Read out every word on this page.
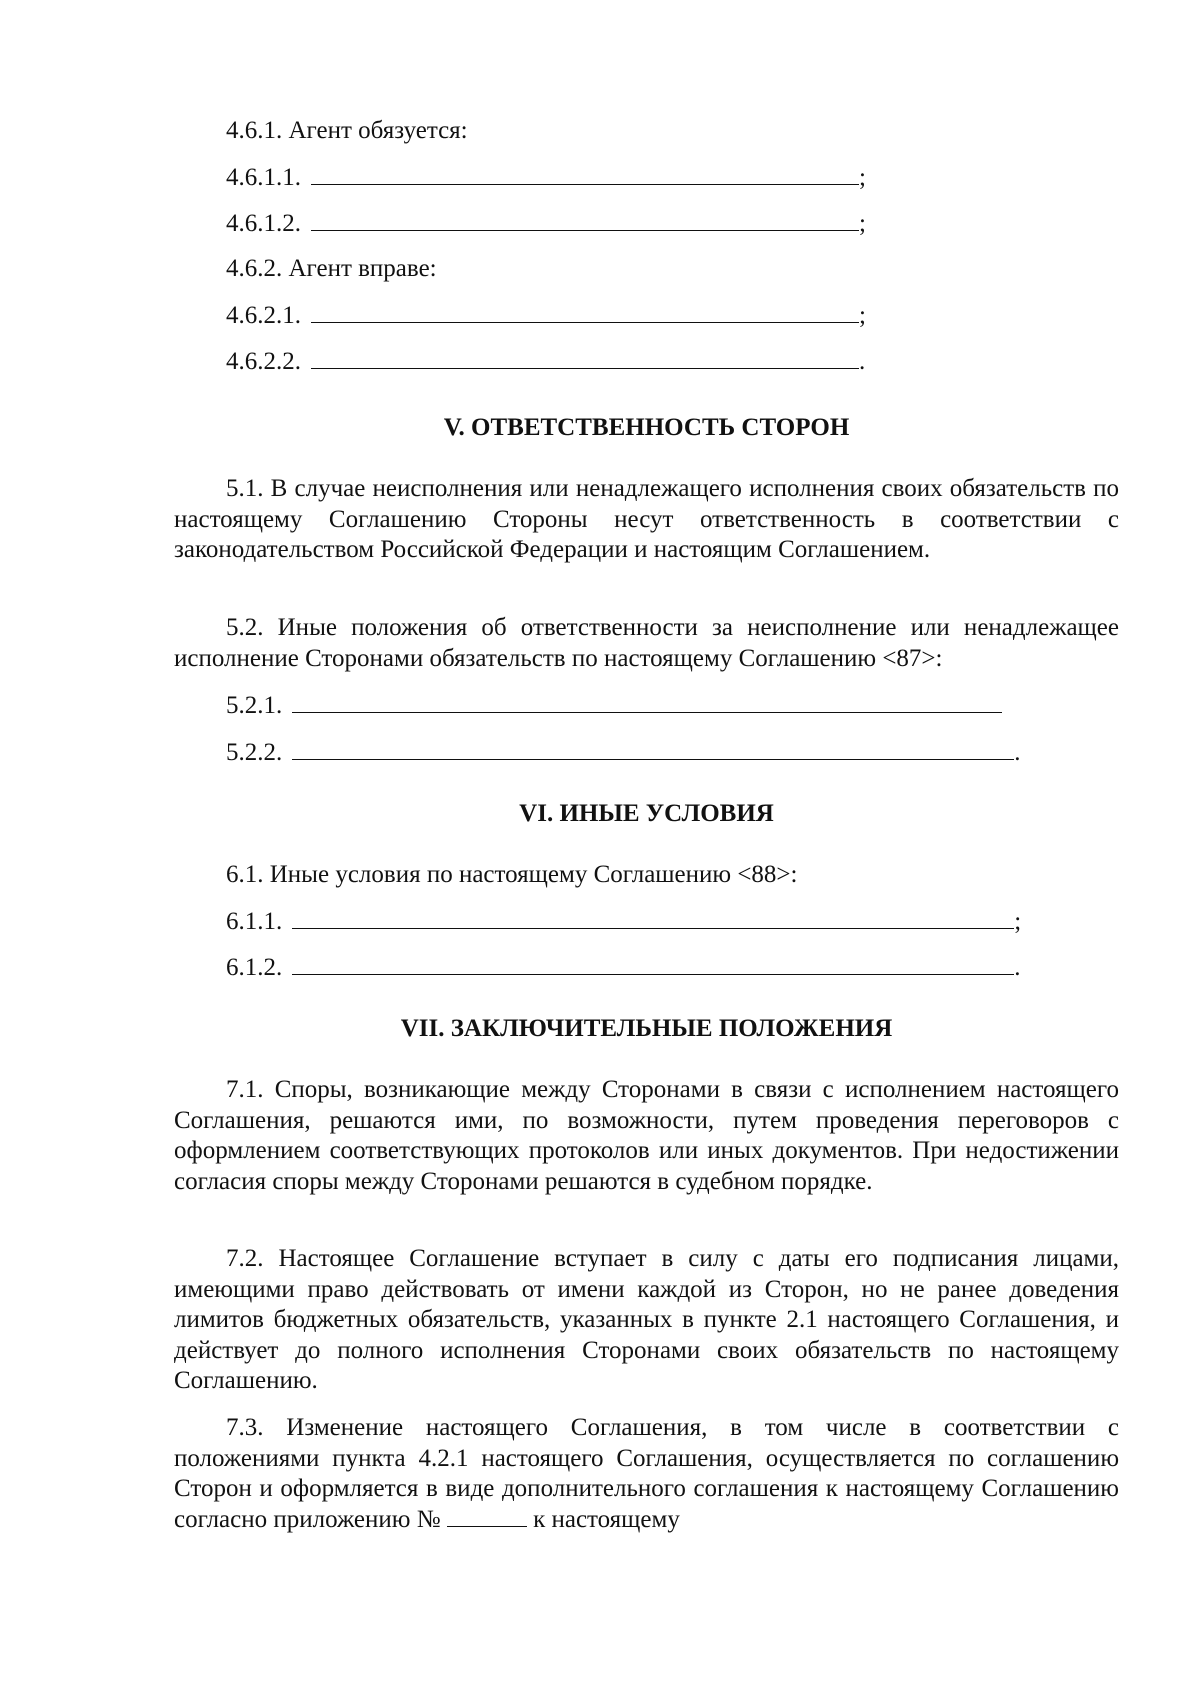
4.6.1. Агент обязуется:
4.6.1.1.	;
4.6.1.2.	;
4.6.2. Агент вправе:
4.6.2.1.	;
4.6.2.2.	.
V. ОТВЕТСТВЕННОСТЬ СТОРОН
5.1. В случае неисполнения или ненадлежащего исполнения своих обязательств по настоящему Соглашению Стороны несут ответственность в соответствии с законодательством Российской Федерации и настоящим Соглашением.
5.2. Иные положения об ответственности за неисполнение или ненадлежащее исполнение Сторонами обязательств по настоящему Соглашению <87>:
5.2.1.
5.2.2.	.
VI. ИНЫЕ УСЛОВИЯ
6.1. Иные условия по настоящему Соглашению <88>:
6.1.1.	;
6.1.2.	.
VII. ЗАКЛЮЧИТЕЛЬНЫЕ ПОЛОЖЕНИЯ
7.1. Споры, возникающие между Сторонами в связи с исполнением настоящего Соглашения, решаются ими, по возможности, путем проведения переговоров с оформлением соответствующих протоколов или иных документов. При недостижении согласия споры между Сторонами решаются в судебном порядке.
7.2. Настоящее Соглашение вступает в силу с даты его подписания лицами, имеющими право действовать от имени каждой из Сторон, но не ранее доведения лимитов бюджетных обязательств, указанных в пункте 2.1 настоящего Соглашения, и действует до полного исполнения Сторонами своих обязательств по настоящему Соглашению.
7.3. Изменение настоящего Соглашения, в том числе в соответствии с положениями пункта 4.2.1 настоящего Соглашения, осуществляется по соглашению Сторон и оформляется в виде дополнительного соглашения к настоящему Соглашению согласно приложению №	к настоящему
